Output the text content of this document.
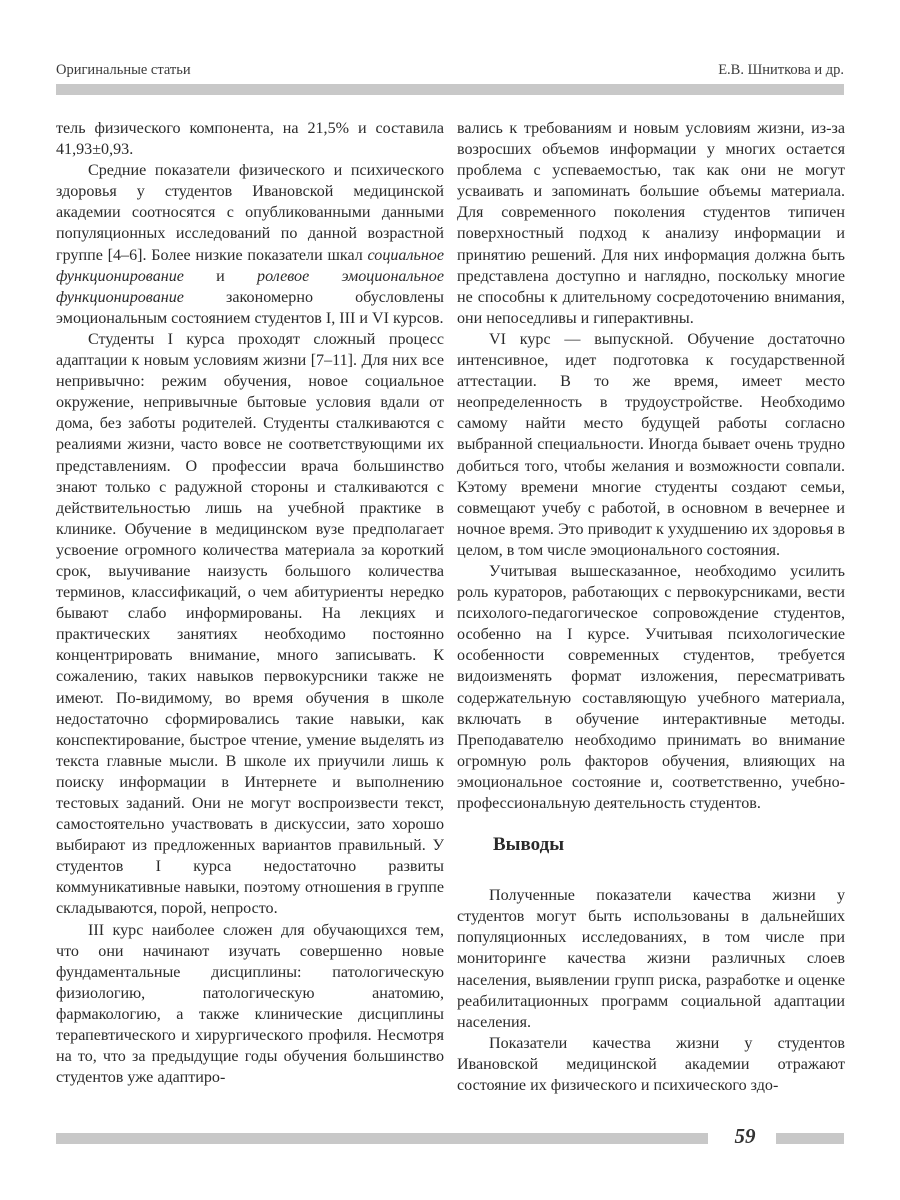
Оригинальные статьи	Е.В. Шниткова и др.

тель физического компонента, на 21,5% и составила 41,93±0,93.

Средние показатели физического и психического здоровья у студентов Ивановской медицинской академии соотносятся с опубликованными данными популяционных исследований по данной возрастной группе [4–6]. Более низкие показатели шкал социальное функционирование и ролевое эмоциональное функционирование закономерно обусловлены эмоциональным состоянием студентов I, III и VI курсов.

Студенты I курса проходят сложный процесс адаптации к новым условиям жизни [7–11]. Для них все непривычно: режим обучения, новое социальное окружение, непривычные бытовые условия вдали от дома, без заботы родителей. Студенты сталкиваются с реалиями жизни, часто вовсе не соответствующими их представлениям. О профессии врача большинство знают только с радужной стороны и сталкиваются с действительностью лишь на учебной практике в клинике. Обучение в медицинском вузе предполагает усвоение огромного количества материала за короткий срок, выучивание наизусть большого количества терминов, классификаций, о чем абитуриенты нередко бывают слабо информированы. На лекциях и практических занятиях необходимо постоянно концентрировать внимание, много записывать. К сожалению, таких навыков первокурсники также не имеют. По-видимому, во время обучения в школе недостаточно сформировались такие навыки, как конспектирование, быстрое чтение, умение выделять из текста главные мысли. В школе их приучили лишь к поиску информации в Интернете и выполнению тестовых заданий. Они не могут воспроизвести текст, самостоятельно участвовать в дискуссии, зато хорошо выбирают из предложенных вариантов правильный. У студентов I курса недостаточно развиты коммуникативные навыки, поэтому отношения в группе складываются, порой, непросто.

III курс наиболее сложен для обучающихся тем, что они начинают изучать совершенно новые фундаментальные дисциплины: патологическую физиологию, патологическую анатомию, фармакологию, а также клинические дисциплины терапевтического и хирургического профиля. Несмотря на то, что за предыдущие годы обучения большинство студентов уже адаптиро-

вались к требованиям и новым условиям жизни, из-за возросших объемов информации у многих остается проблема с успеваемостью, так как они не могут усваивать и запоминать большие объемы материала. Для современного поколения студентов типичен поверхностный подход к анализу информации и принятию решений. Для них информация должна быть представлена доступно и наглядно, поскольку многие не способны к длительному сосредоточению внимания, они непоседливы и гиперактивны.

VI курс — выпускной. Обучение достаточно интенсивное, идет подготовка к государственной аттестации. В то же время, имеет место неопределенность в трудоустройстве. Необходимо самому найти место будущей работы согласно выбранной специальности. Иногда бывает очень трудно добиться того, чтобы желания и возможности совпали. Кэтому времени многие студенты создают семьи, совмещают учебу с работой, в основном в вечернее и ночное время. Это приводит к ухудшению их здоровья в целом, в том числе эмоционального состояния.

Учитывая вышесказанное, необходимо усилить роль кураторов, работающих с первокурсниками, вести психолого-педагогическое сопровождение студентов, особенно на I курсе. Учитывая психологические особенности современных студентов, требуется видоизменять формат изложения, пересматривать содержательную составляющую учебного материала, включать в обучение интерактивные методы. Преподавателю необходимо принимать во внимание огромную роль факторов обучения, влияющих на эмоциональное состояние и, соответственно, учебно-профессиональную деятельность студентов.

Выводы

Полученные показатели качества жизни у студентов могут быть использованы в дальнейших популяционных исследованиях, в том числе при мониторинге качества жизни различных слоев населения, выявлении групп риска, разработке и оценке реабилитационных программ социальной адаптации населения.

Показатели качества жизни у студентов Ивановской медицинской академии отражают состояние их физического и психического здо-

59
